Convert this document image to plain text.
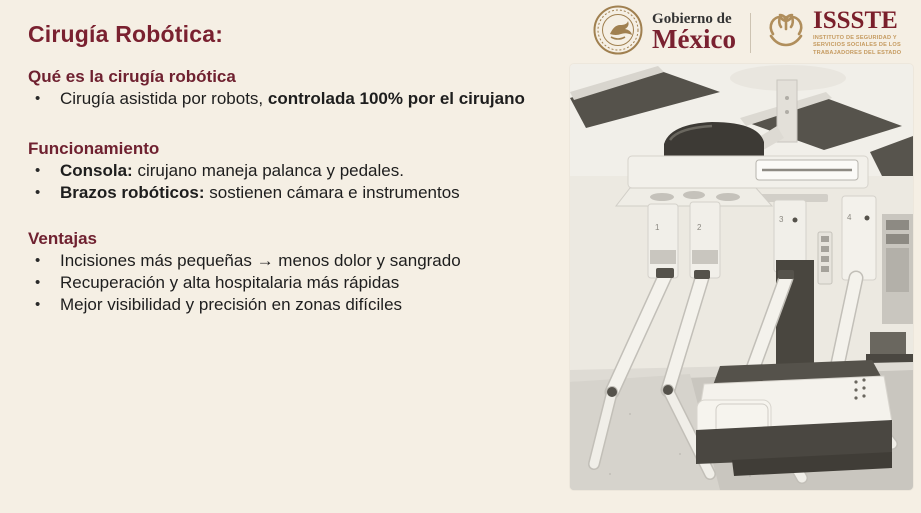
Cirugía Robótica:
Gobierno de
México
ISSSTE
INSTITUTO DE SEGURIDAD Y SERVICIOS SOCIALES DE LOS TRABAJADORES DEL ESTADO
Qué es la cirugía robótica
• Cirugía asistida por robots, controlada 100% por el cirujano
Funcionamiento
• Consola: cirujano maneja palanca y pedales.
• Brazos robóticos: sostienen cámara e instrumentos
Ventajas
• Incisiones más pequeñas → menos dolor y sangrado
• Recuperación y alta hospitalaria más rápidas
• Mejor visibilidad y precisión en zonas difíciles
1	2
3	4
